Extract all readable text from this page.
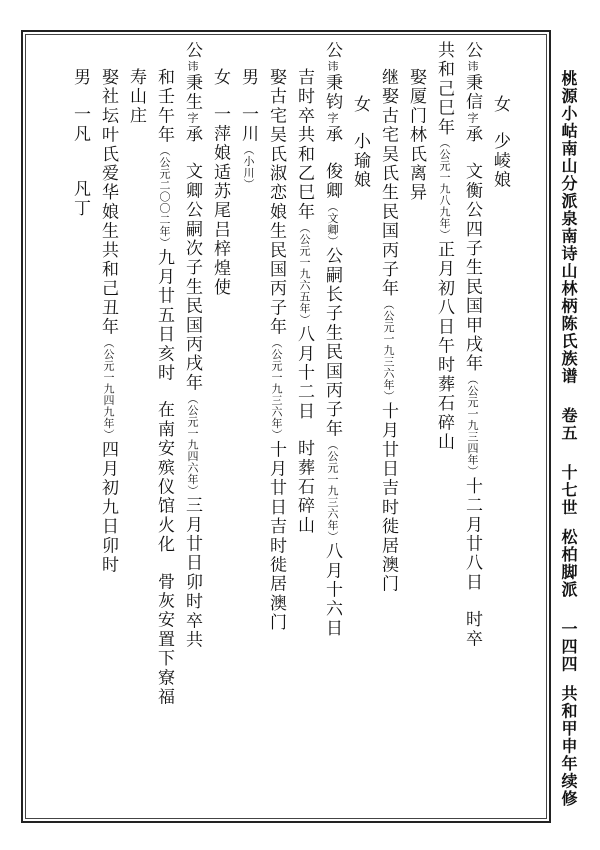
桃源小岵南山分派泉南诗山林柄陈氏族谱卷五十七世松柏脚派一四四共和甲申年续修
女少崚娘
公讳秉信字承文衡公四子生民国甲戌年（公元一九三四年）十二月廿八日时卒
共和己巳年（公元一九八九年）正月初八日午时葬石碎山
娶厦门林氏离异
继娶古宅吴氏生民国丙子年（公元一九三六年）十月廿日吉时徙居澳门
女小瑜娘
公讳秉钧字承俊卿（文卿）公嗣长子生民国丙子年（公元一九三六年）八月十六日
吉时卒共和乙巳年（公元一九六五年）八月十二日时葬石碎山
娶古宅吴氏淑恋娘生民国丙子年（公元一九三六年）十月廿日吉时徙居澳门
男一川（小川）
女一萍娘适苏尾吕梓煌使
公讳秉生字承文卿公嗣次子生民国丙戌年（公元一九四六年）三月廿日卯时卒共
和壬午年（公元二〇〇二年）九月廿五日亥时在南安殡仪馆火化骨灰安置下寮福
寿山庄
娶社坛叶氏爱华娘生共和己丑年（公元一九四九年）四月初九日卯时
男一凡凡丁
